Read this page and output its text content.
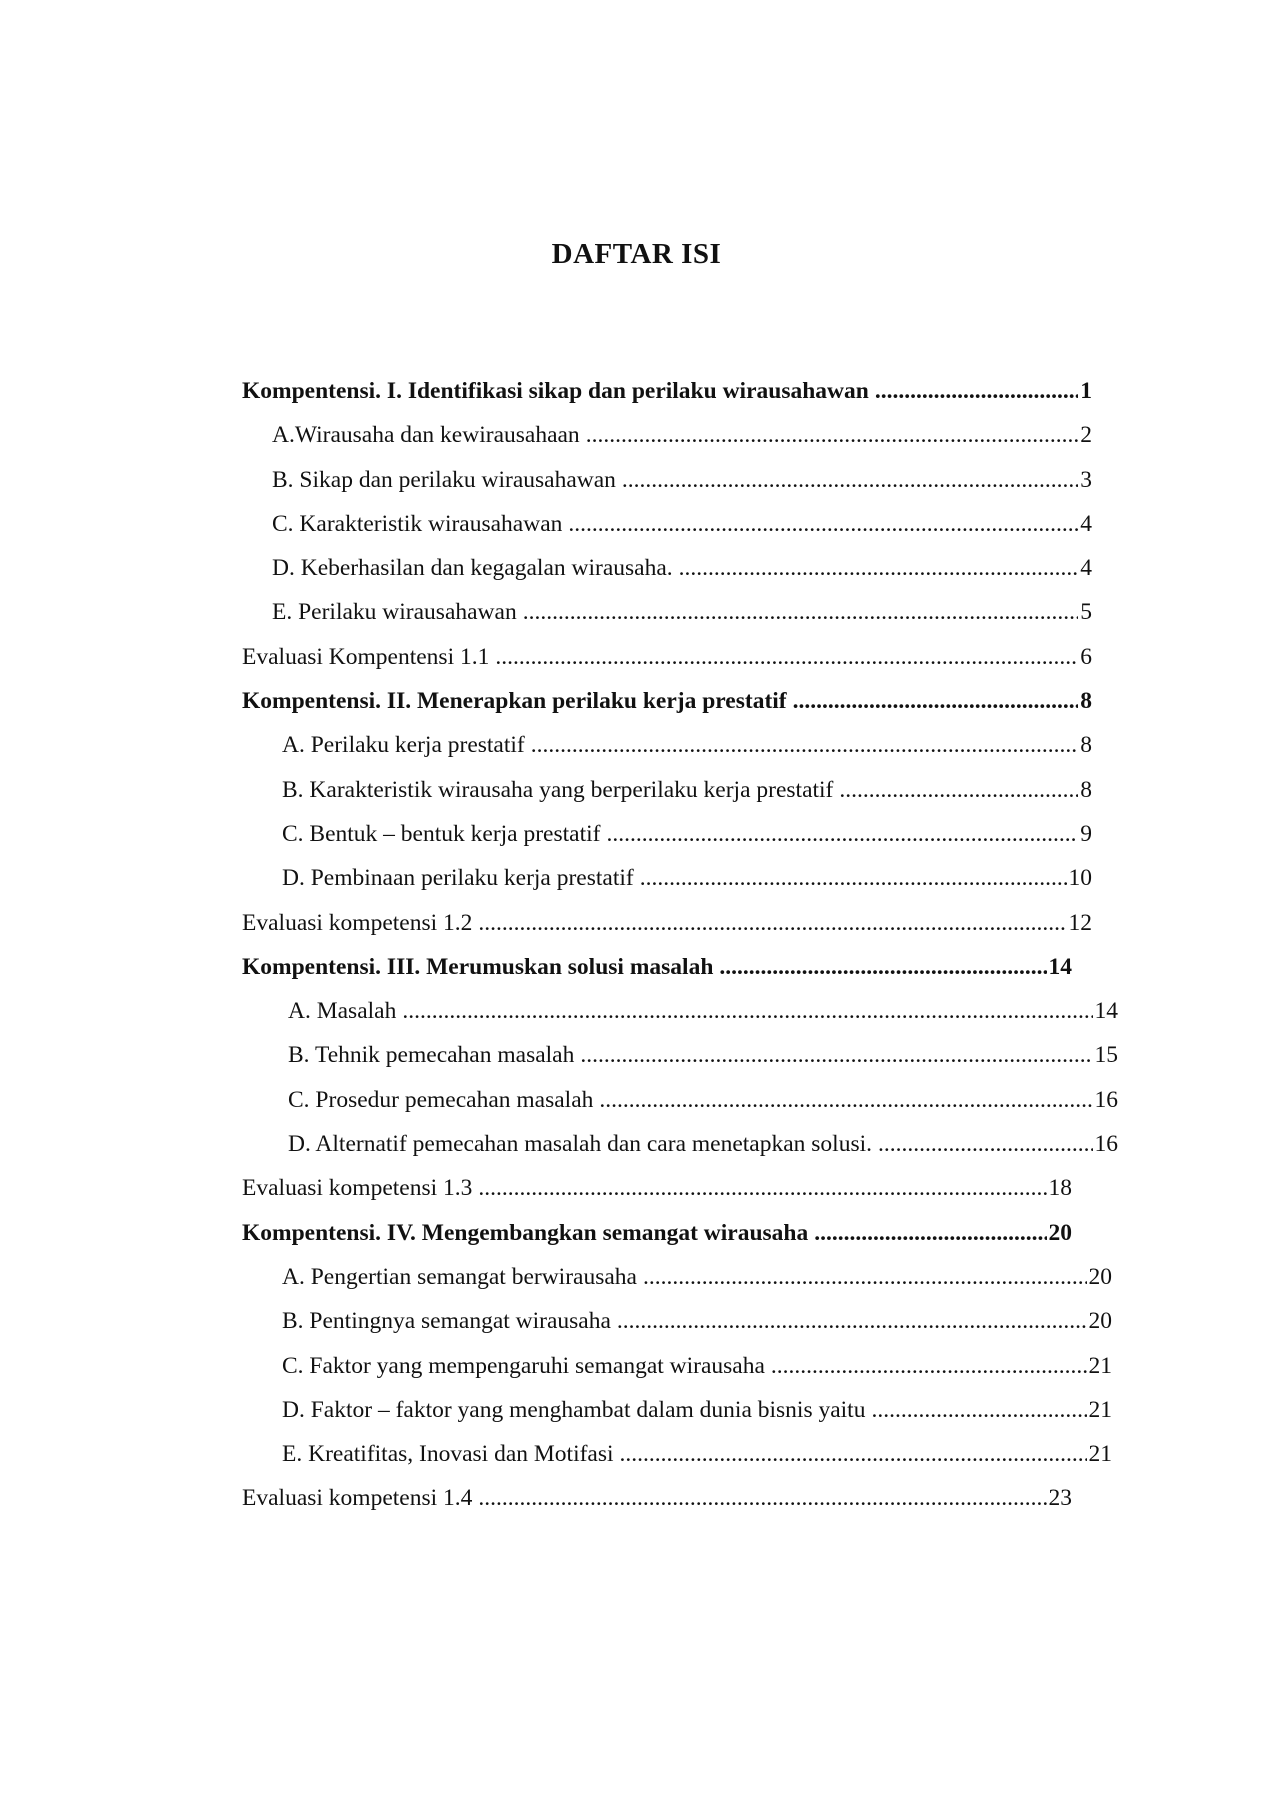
DAFTAR ISI
Kompentensi. I. Identifikasi sikap dan perilaku wirausahawan .....	1
A.Wirausaha dan kewirausahaan .....	2
B. Sikap dan perilaku wirausahawan .....	3
C. Karakteristik wirausahawan .....	4
D. Keberhasilan dan kegagalan wirausaha. .....	4
E. Perilaku wirausahawan .....	5
Evaluasi Kompentensi 1.1 .....	6
Kompentensi. II. Menerapkan perilaku kerja prestatif .....	8
A. Perilaku kerja prestatif .....	8
B. Karakteristik wirausaha yang berperilaku kerja prestatif .....	8
C. Bentuk – bentuk kerja prestatif .....	9
D. Pembinaan perilaku kerja prestatif .....	10
Evaluasi kompetensi 1.2 .....	12
Kompentensi. III. Merumuskan solusi masalah .....	14
A. Masalah .....	14
B. Tehnik pemecahan masalah .....	15
C. Prosedur pemecahan masalah .....	16
D. Alternatif pemecahan masalah dan cara menetapkan solusi. .....	16
Evaluasi kompetensi 1.3 .....	18
Kompentensi. IV. Mengembangkan semangat wirausaha .....	20
A. Pengertian semangat berwirausaha .....	20
B. Pentingnya semangat wirausaha .....	20
C. Faktor yang mempengaruhi semangat wirausaha .....	21
D. Faktor – faktor yang menghambat dalam dunia bisnis yaitu .....	21
E. Kreatifitas, Inovasi dan Motifasi .....	21
Evaluasi kompetensi 1.4 .....	23
